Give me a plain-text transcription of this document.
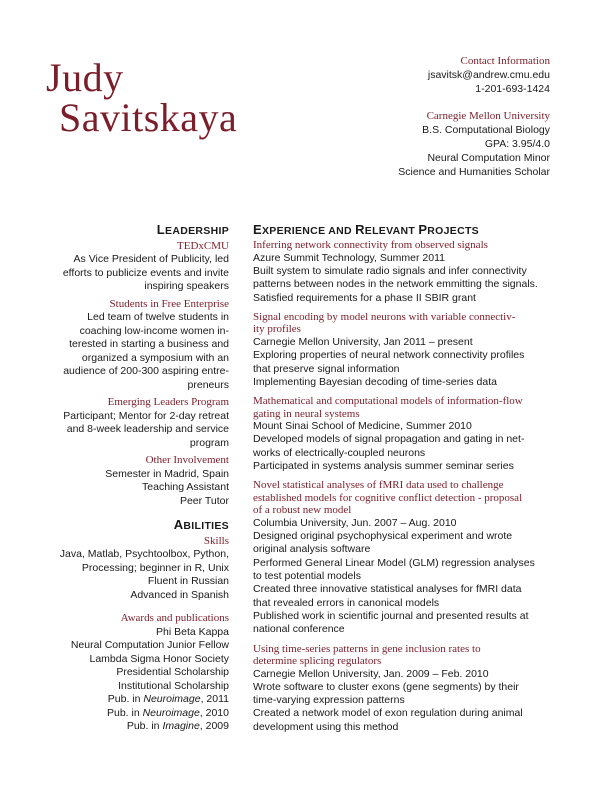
Judy
Savitskaya
Contact Information
jsavitsk@andrew.cmu.edu
1-201-693-1424
Carnegie Mellon University
B.S. Computational Biology
GPA: 3.95/4.0
Neural Computation Minor
Science and Humanities Scholar
LEADERSHIP
TEDxCMU
As Vice President of Publicity, led
efforts to publicize events and invite
inspiring speakers
Students in Free Enterprise
Led team of twelve students in
coaching low-income women in-
terested in starting a business and
organized a symposium with an
audience of 200-300 aspiring entre-
preneurs
Emerging Leaders Program
Participant; Mentor for 2-day retreat
and 8-week leadership and service
program
Other Involvement
Semester in Madrid, Spain
Teaching Assistant
Peer Tutor
ABILITIES
Skills
Java, Matlab, Psychtoolbox, Python,
Processing; beginner in R, Unix
Fluent in Russian
Advanced in Spanish
Awards and publications
Phi Beta Kappa
Neural Computation Junior Fellow
Lambda Sigma Honor Society
Presidential Scholarship
Institutional Scholarship
Pub. in Neuroimage, 2011
Pub. in Neuroimage, 2010
Pub. in Imagine, 2009
EXPERIENCE AND RELEVANT PROJECTS
Inferring network connectivity from observed signals
Azure Summit Technology, Summer 2011
Built system to simulate radio signals and infer connectivity
patterns between nodes in the network emmitting the signals.
Satisfied requirements for a phase II SBIR grant
Signal encoding by model neurons with variable connectiv-
ity profiles
Carnegie Mellon University, Jan 2011 – present
Exploring properties of neural network connectivity profiles
that preserve signal information
Implementing Bayesian decoding of time-series data
Mathematical and computational models of information-flow
gating in neural systems
Mount Sinai School of Medicine, Summer 2010
Developed models of signal propagation and gating in net-
works of electrically-coupled neurons
Participated in systems analysis summer seminar series
Novel statistical analyses of fMRI data used to challenge
established models for cognitive conflict detection - proposal
of a robust new model
Columbia University, Jun. 2007 – Aug. 2010
Designed original psychophysical experiment and wrote
original analysis software
Performed General Linear Model (GLM) regression analyses
to test potential models
Created three innovative statistical analyses for fMRI data
that revealed errors in canonical models
Published work in scientific journal and presented results at
national conference
Using time-series patterns in gene inclusion rates to
determine splicing regulators
Carnegie Mellon University, Jan. 2009 – Feb. 2010
Wrote software to cluster exons (gene segments) by their
time-varying expression patterns
Created a network model of exon regulation during animal
development using this method
